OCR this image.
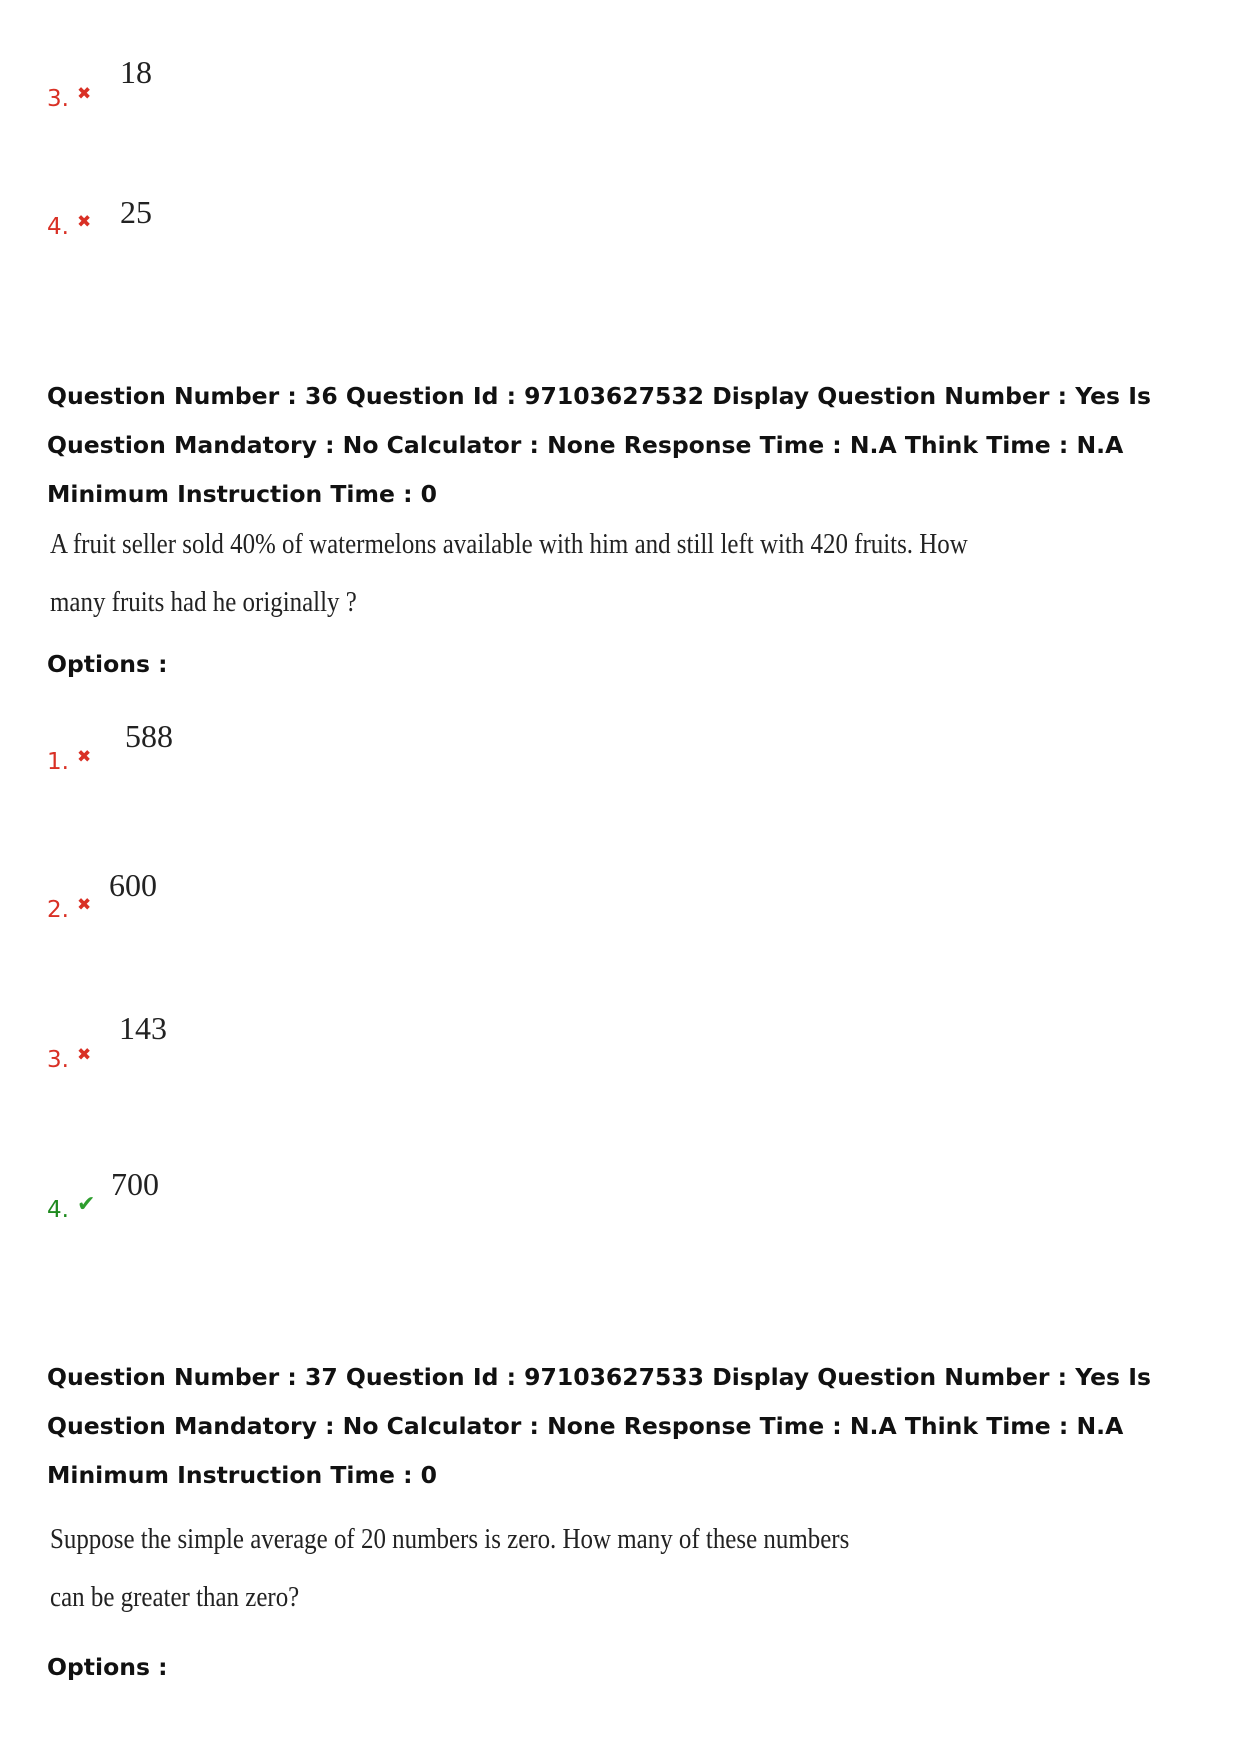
3. ✖
18
4. ✖ 25
Question Number : 36 Question Id : 97103627532 Display Question Number : Yes Is Question Mandatory : No Calculator : None Response Time : N.A Think Time : N.A Minimum Instruction Time : 0
A fruit seller sold 40% of watermelons available with him and still left with 420 fruits. How
many fruits had he originally ?
Options :
1. ✖
588
2. ✖
600
3. ✖
143
4. ✔
700
Question Number : 37 Question Id : 97103627533 Display Question Number : Yes Is Question Mandatory : No Calculator : None Response Time : N.A Think Time : N.A Minimum Instruction Time : 0
Suppose the simple average of 20 numbers is zero. How many of these numbers
can be greater than zero?
Options :
